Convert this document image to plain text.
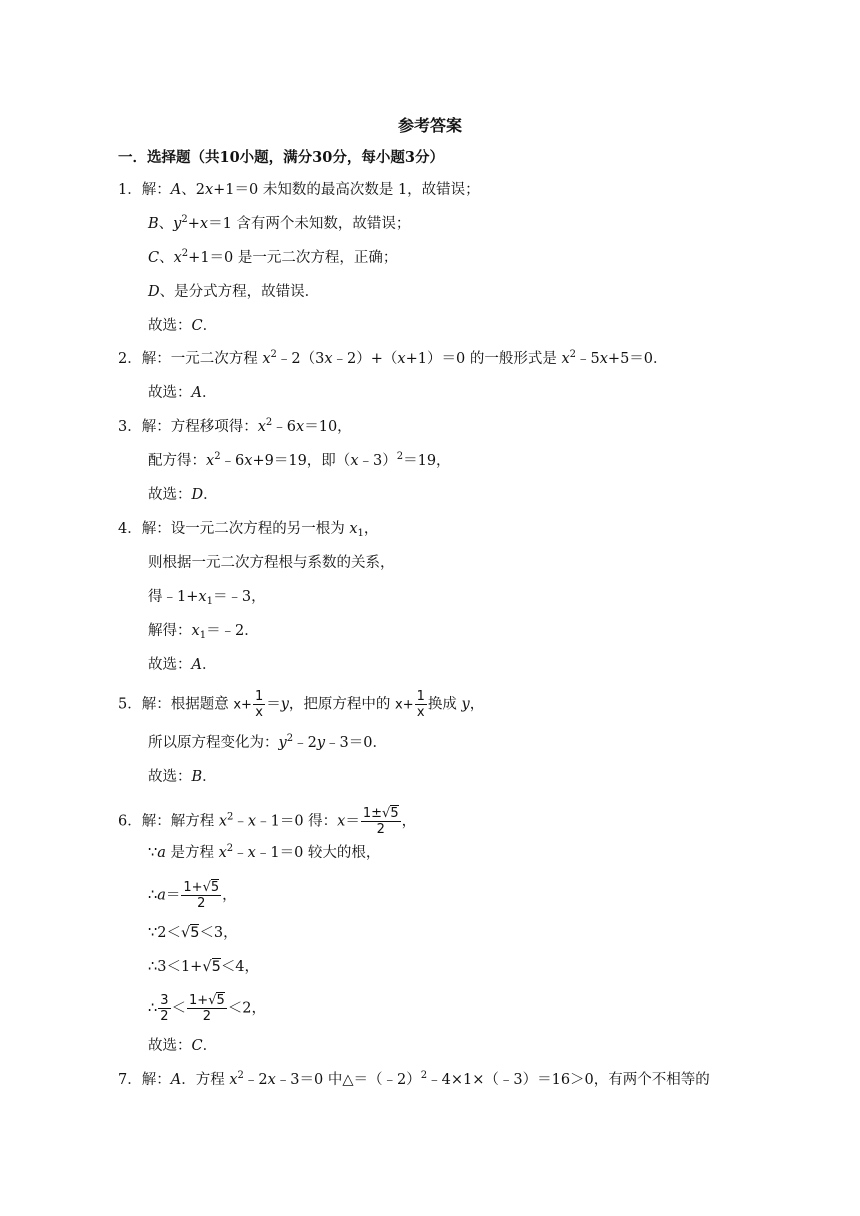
参考答案
一．选择题（共10小题，满分30分，每小题3分）
1．解：A、2x+1＝0 未知数的最高次数是 1，故错误；
B、$y^2+x=1$ 含有两个未知数，故错误；
C、$x^2+1=0$ 是一元二次方程，正确；
D、是分式方程，故错误．
故选：C．
2．解：一元二次方程 $x^2﹣2(3x﹣2)+(x+1)=0$ 的一般形式是 $x^2﹣5x+5=0$．
故选：A．
3．解：方程移项得：$x^2﹣6x=10$，
配方得：$x^2﹣6x+9=19$，即（x﹣3）$^2$＝19，
故选：D．
4．解：设一元二次方程的另一根为 $x_1$，
则根据一元二次方程根与系数的关系，
得$﹣1+x_1=﹣3$，
解得：$x_1=﹣2$．
故选：A．
5．解：根据题意 $x+ \frac{1}{x} =y$，把原方程中的 $x+ \frac{1}{x}$ 换成 y，
所以原方程变化为：$y^2﹣2y﹣3=0$．
故选：B．
6．解：解方程 $x^2﹣x﹣1=0$ 得：$x= \frac{1\pm√5}{2}$ ，
∵a 是方程 $x^2﹣x﹣1=0$ 较大的根，
∴a＝ $\frac{1+√5}{2}$ ，
∵2＜√5＜3，
∴3＜1+√5＜4，
∴ $\frac{3}{2} < \frac{1+√5}{2} <2$，
故选：C．
7．解：A．方程 $x^2﹣2x﹣3=0$ 中△＝（﹣2）$^2$﹣4×1×（﹣3）＝16＞0，有两个不相等的
